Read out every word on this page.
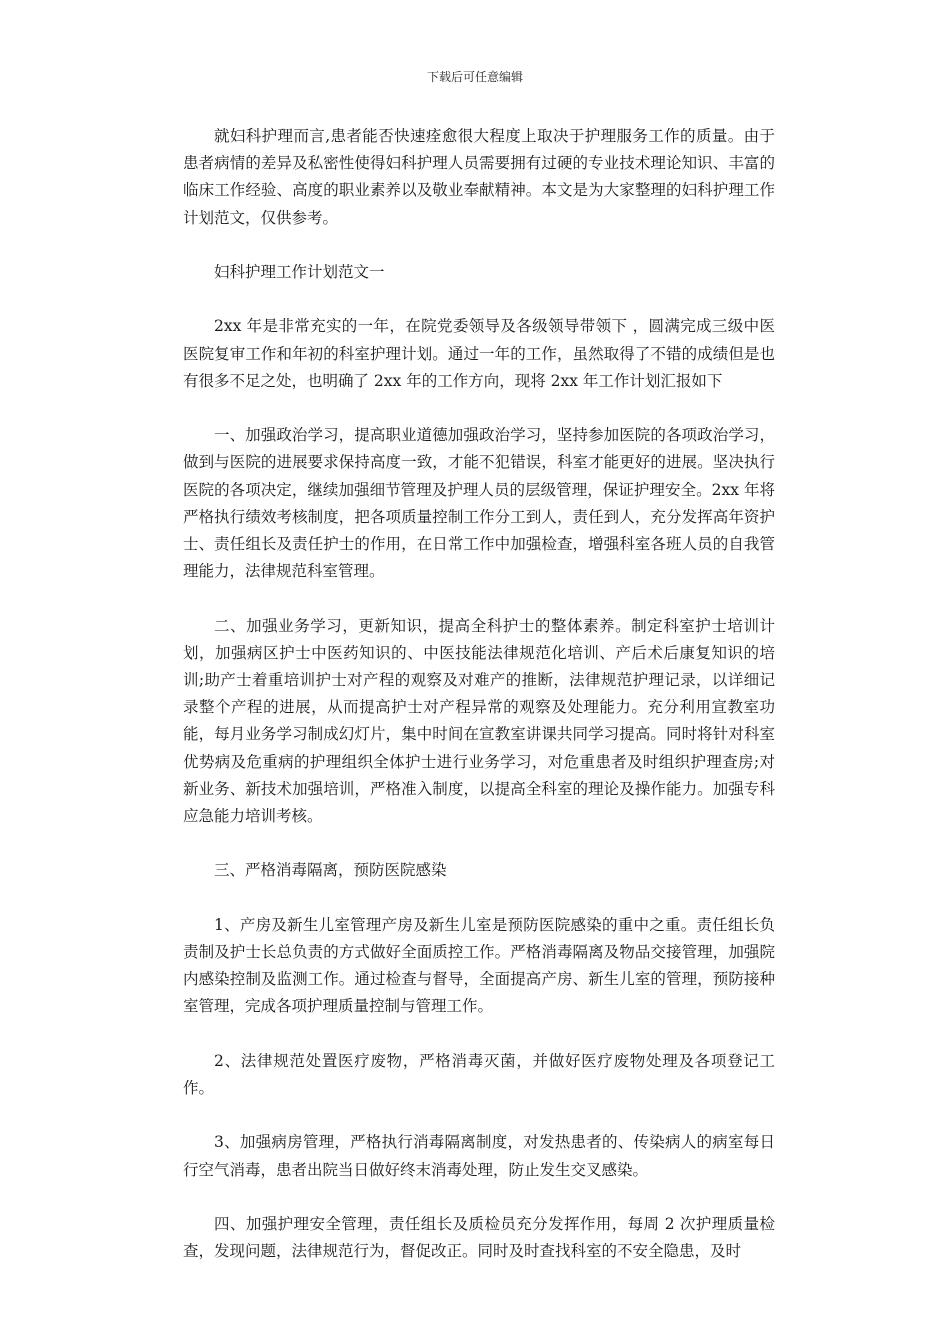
下载后可任意编辑

就妇科护理而言,患者能否快速痊愈很大程度上取决于护理服务工作的质量。由于患者病情的差异及私密性使得妇科护理人员需要拥有过硬的专业技术理论知识、丰富的临床工作经验、高度的职业素养以及敬业奉献精神。本文是为大家整理的妇科护理工作计划范文，仅供参考。

妇科护理工作计划范文一

2xx 年是非常充实的一年，在院党委领导及各级领导带领下 ，圆满完成三级中医医院复审工作和年初的科室护理计划。通过一年的工作，虽然取得了不错的成绩但是也有很多不足之处，也明确了 2xx 年的工作方向，现将 2xx 年工作计划汇报如下

一、加强政治学习，提高职业道德加强政治学习，坚持参加医院的各项政治学习，做到与医院的进展要求保持高度一致，才能不犯错误，科室才能更好的进展。坚决执行医院的各项决定，继续加强细节管理及护理人员的层级管理，保证护理安全。2xx 年将严格执行绩效考核制度，把各项质量控制工作分工到人，责任到人，充分发挥高年资护士、责任组长及责任护士的作用，在日常工作中加强检查，增强科室各班人员的自我管理能力，法律规范科室管理。

二、加强业务学习，更新知识，提高全科护士的整体素养。制定科室护士培训计划，加强病区护士中医药知识的、中医技能法律规范化培训、产后术后康复知识的培训;助产士着重培训护士对产程的观察及对难产的推断，法律规范护理记录，以详细记录整个产程的进展，从而提高护士对产程异常的观察及处理能力。充分利用宣教室功能，每月业务学习制成幻灯片，集中时间在宣教室讲课共同学习提高。同时将针对科室优势病及危重病的护理组织全体护士进行业务学习，对危重患者及时组织护理查房;对新业务、新技术加强培训，严格准入制度，以提高全科室的理论及操作能力。加强专科应急能力培训考核。

三、严格消毒隔离，预防医院感染

1、产房及新生儿室管理产房及新生儿室是预防医院感染的重中之重。责任组长负责制及护士长总负责的方式做好全面质控工作。严格消毒隔离及物品交接管理，加强院内感染控制及监测工作。通过检查与督导，全面提高产房、新生儿室的管理，预防接种室管理，完成各项护理质量控制与管理工作。

2、法律规范处置医疗废物，严格消毒灭菌，并做好医疗废物处理及各项登记工作。

3、加强病房管理，严格执行消毒隔离制度，对发热患者的、传染病人的病室每日行空气消毒，患者出院当日做好终末消毒处理，防止发生交叉感染。

四、加强护理安全管理，责任组长及质检员充分发挥作用，每周 2 次护理质量检查，发现问题，法律规范行为，督促改正。同时及时查找科室的不安全隐患，及时
